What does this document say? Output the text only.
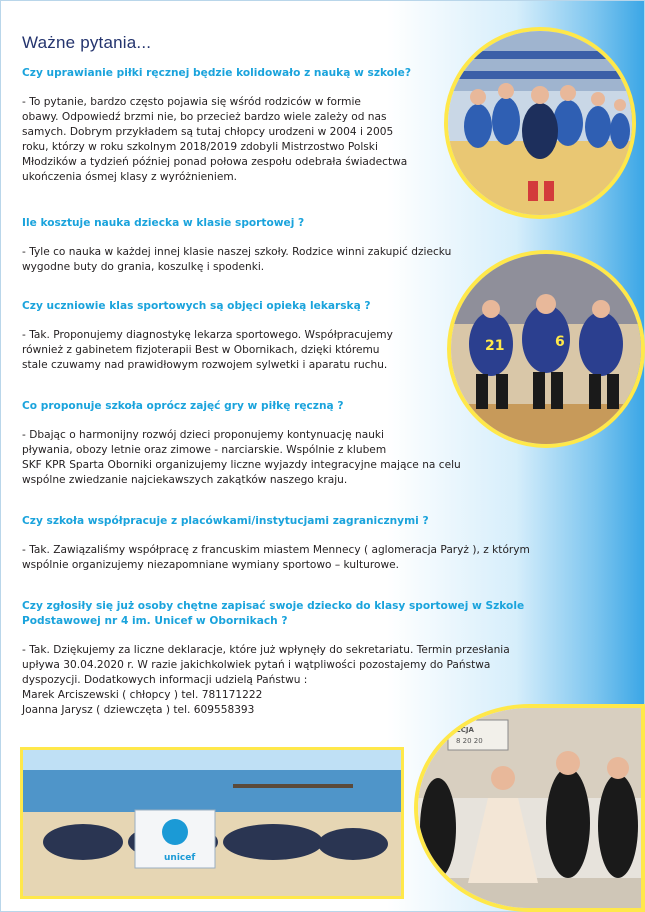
Ważne pytania...

Czy uprawianie piłki ręcznej będzie kolidowało z nauką w szkole?

- To pytanie, bardzo często pojawia się wśród rodziców w formie
obawy. Odpowiedź brzmi nie, bo przecież bardzo wiele zależy od nas
samych. Dobrym przykładem są tutaj chłopcy urodzeni w 2004 i 2005
roku, którzy w roku szkolnym 2018/2019 zdobyli Mistrzostwo Polski
Młodzików a tydzień później ponad połowa zespołu odebrała świadectwa
ukończenia ósmej klasy z wyróżnieniem.

Ile kosztuje nauka dziecka w klasie sportowej ?

- Tyle co nauka w każdej innej klasie naszej szkoły. Rodzice winni zakupić dziecku
wygodne buty do grania, koszulkę i spodenki.

Czy uczniowie klas sportowych są objęci opieką lekarską ?

- Tak. Proponujemy diagnostykę lekarza sportowego. Współpracujemy
również z gabinetem fizjoterapii Best w Obornikach, dzięki któremu
stale czuwamy nad prawidłowym rozwojem sylwetki i aparatu ruchu.

Co proponuje szkoła oprócz zajęć gry w piłkę ręczną ?

- Dbając o harmonijny rozwój dzieci proponujemy kontynuację nauki
pływania, obozy letnie oraz zimowe - narciarskie. Wspólnie z klubem
SKF KPR Sparta Oborniki organizujemy liczne wyjazdy integracyjne mające na celu
wspólne zwiedzanie najciekawszych zakątków naszego kraju.

Czy szkoła współpracuje z placówkami/instytucjami zagranicznymi ?

- Tak. Zawiązaliśmy współpracę z francuskim miastem Mennecy ( aglomeracja Paryż ), z którym
wspólnie organizujemy niezapomniane wymiany sportowo – kulturowe.

Czy zgłosiły się już osoby chętne zapisać swoje dziecko do klasy sportowej w Szkole
Podstawowej nr 4 im. Unicef w Obornikach ?

- Tak. Dziękujemy za liczne deklaracje, które już wpłynęły do sekretariatu. Termin przesłania
upływa 30.04.2020 r. W razie jakichkolwiek pytań i wątpliwości pozostajemy do Państwa
dyspozycji. Dodatkowych informacji udzielą Państwu :
Marek Arciszewski ( chłopcy ) tel. 781171222
Joanna Jarysz ( dziewczęta ) tel. 609558393

21	6
unicef
ECJA
8 20 20
